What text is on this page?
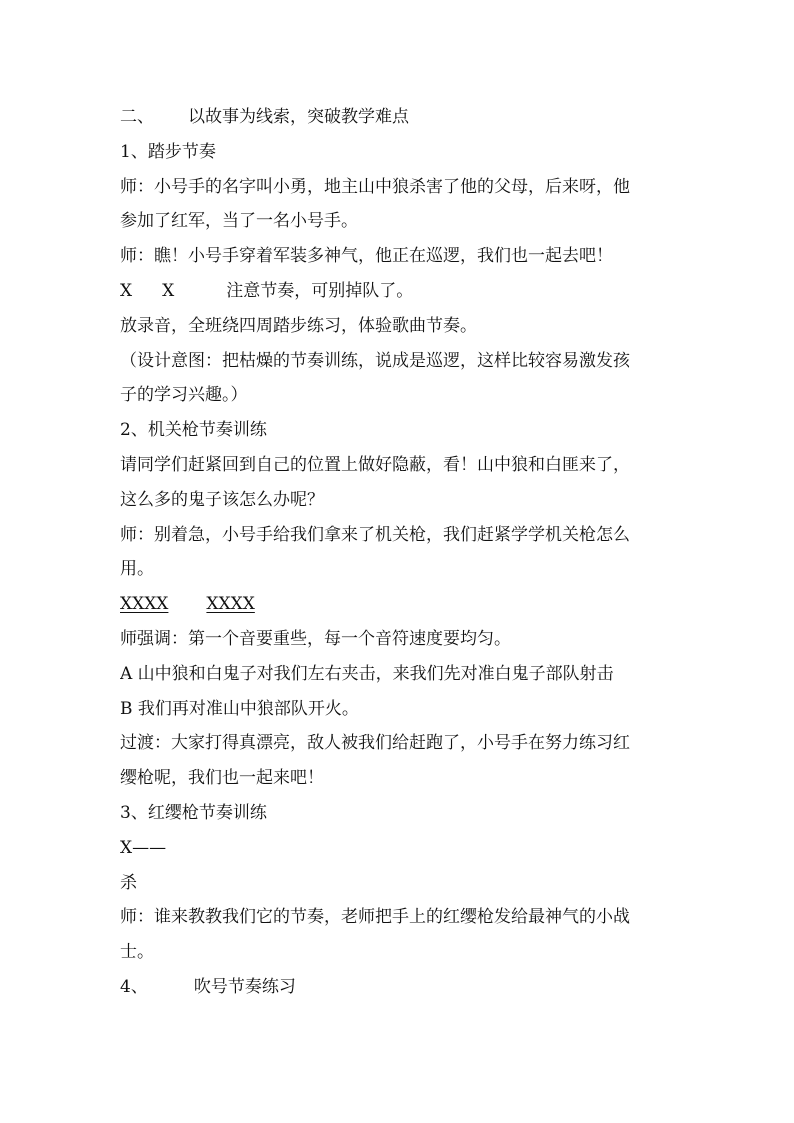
二、 以故事为线索，突破教学难点
1、踏步节奏
师：小号手的名字叫小勇，地主山中狼杀害了他的父母，后来呀，他
参加了红军，当了一名小号手。
师：瞧！小号手穿着军装多神气，他正在巡逻，我们也一起去吧！
X X	注意节奏，可别掉队了。
放录音，全班绕四周踏步练习，体验歌曲节奏。
（设计意图：把枯燥的节奏训练，说成是巡逻，这样比较容易激发孩
子的学习兴趣。）
2、机关枪节奏训练
请同学们赶紧回到自己的位置上做好隐蔽，看！山中狼和白匪来了，
这么多的鬼子该怎么办呢？
师：别着急，小号手给我们拿来了机关枪，我们赶紧学学机关枪怎么
用。
XXXX XXXX
师强调：第一个音要重些，每一个音符速度要均匀。
A 山中狼和白鬼子对我们左右夹击，来我们先对准白鬼子部队射击
B 我们再对准山中狼部队开火。
过渡：大家打得真漂亮，敌人被我们给赶跑了，小号手在努力练习红
缨枪呢，我们也一起来吧！
3、红缨枪节奏训练
X——
杀
师：谁来教教我们它的节奏，老师把手上的红缨枪发给最神气的小战
士。
4、	吹号节奏练习
